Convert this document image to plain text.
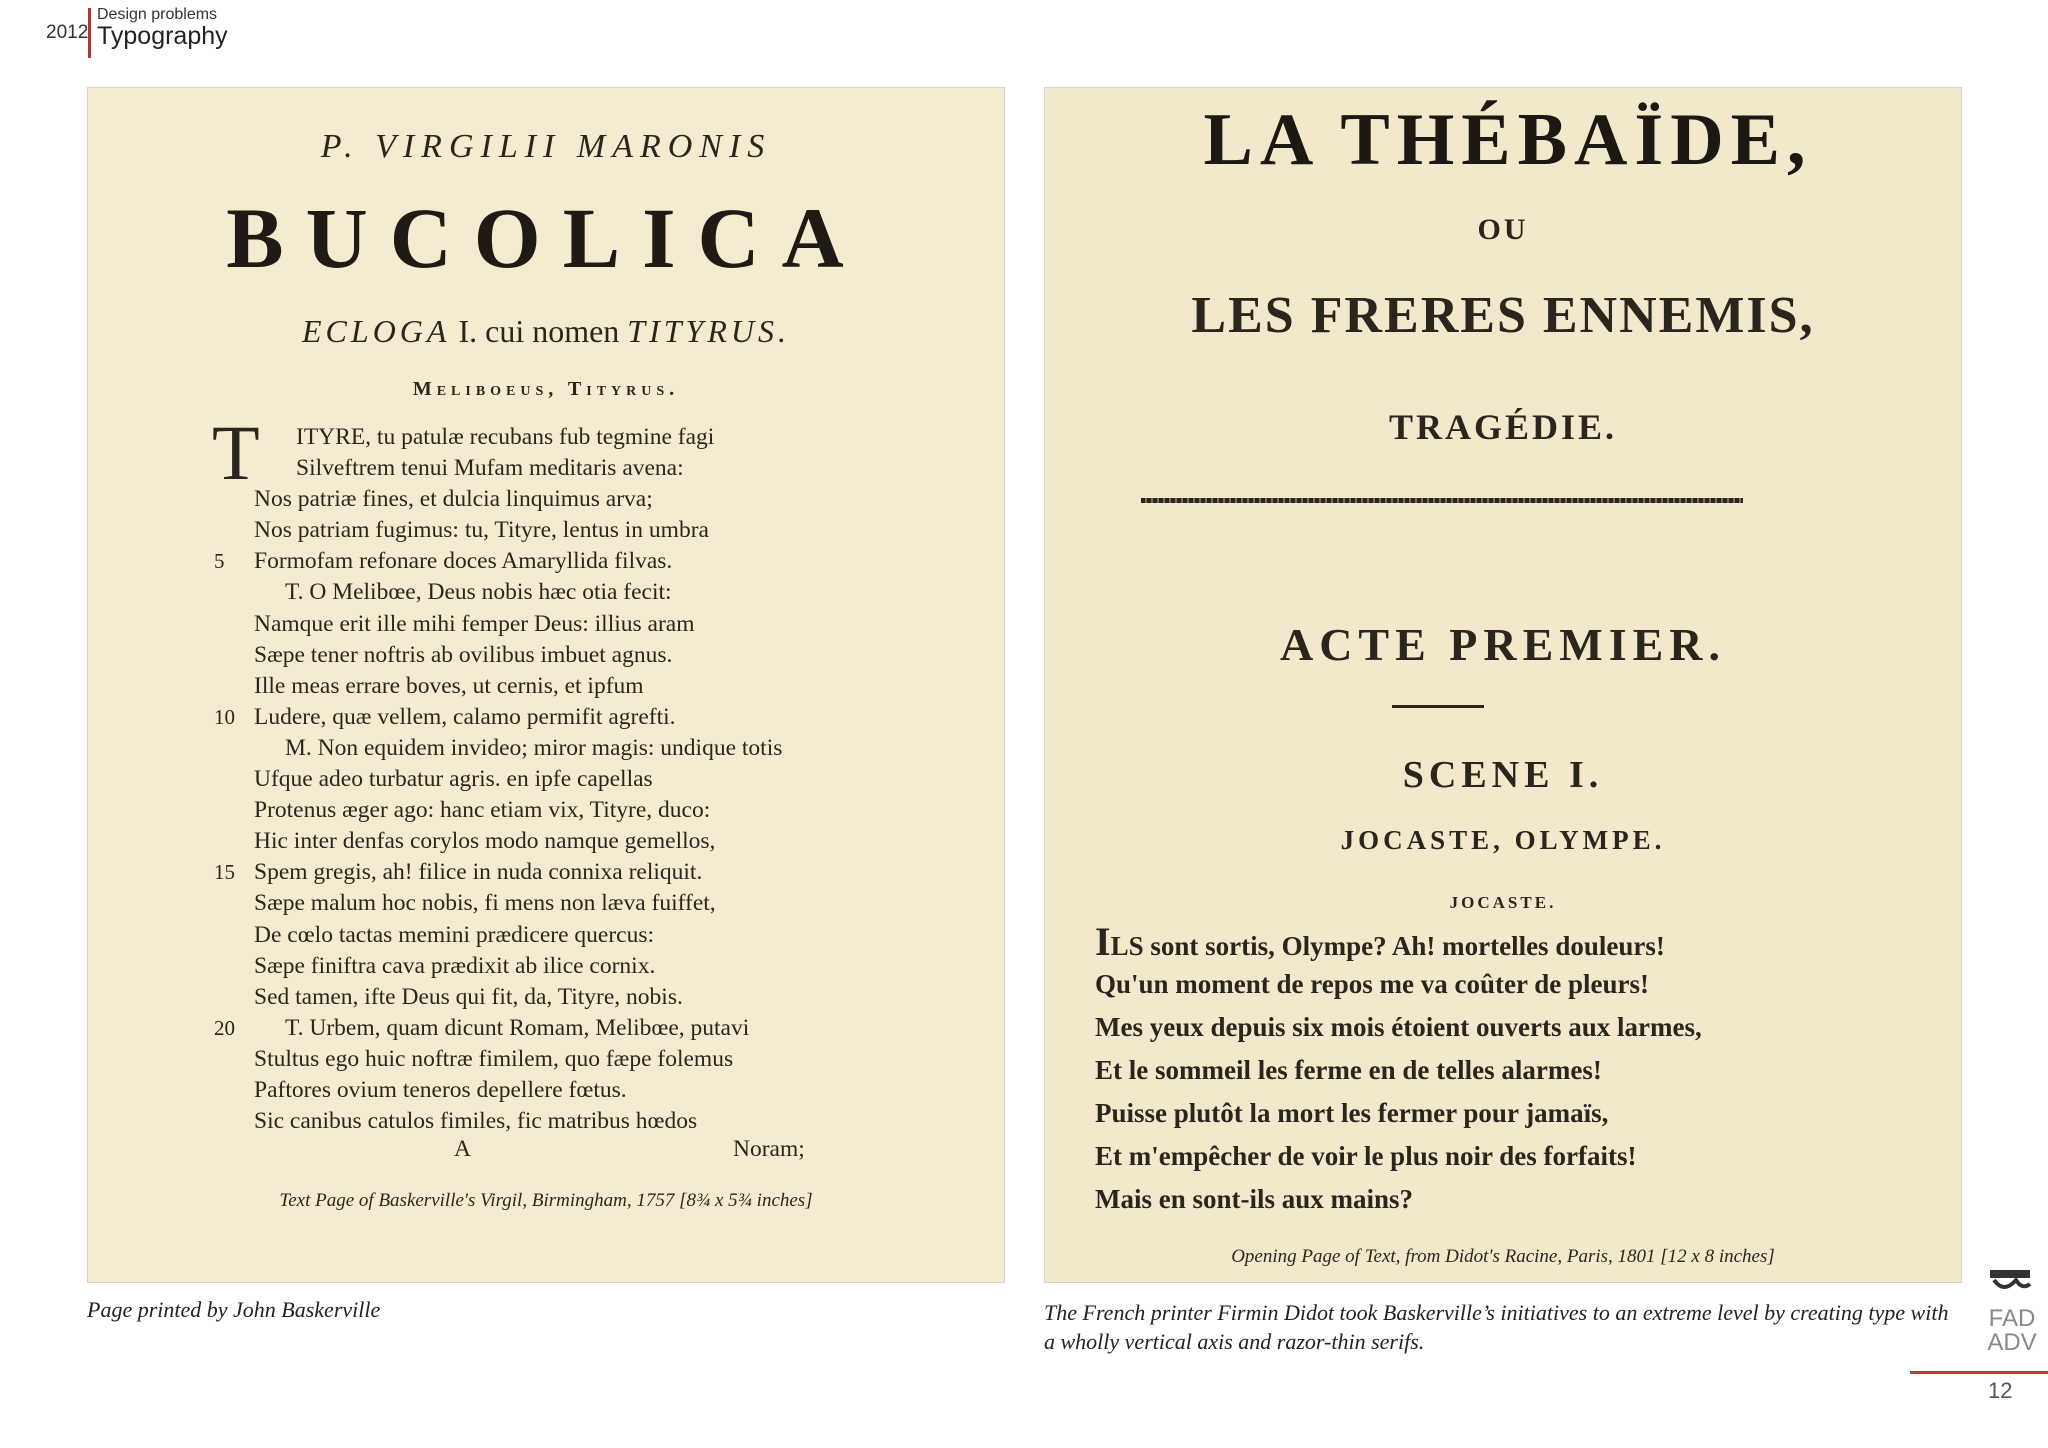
2012
Design problems
Typography
P. VIRGILII MARONIS
BUCOLICA
ECLOGA I. cui nomen TITYRUS.
Meliboeus, Tityrus.
T	ITYRE, tu patulæ recubans fub tegmine fagi
Silveftrem tenui Mufam meditaris avena:
Nos patriæ fines, et dulcia linquimus arva;
Nos patriam fugimus: tu, Tityre, lentus in umbra
5 Formofam refonare doces Amaryllida filvas.
T. O Melibœe, Deus nobis hæc otia fecit:
Namque erit ille mihi femper Deus: illius aram
Sæpe tener noftris ab ovilibus imbuet agnus.
Ille meas errare boves, ut cernis, et ipfum
10 Ludere, quæ vellem, calamo permifit agrefti.
M. Non equidem invideo; miror magis: undique totis
Ufque adeo turbatur agris. en ipfe capellas
Protenus æger ago: hanc etiam vix, Tityre, duco:
Hic inter denfas corylos modo namque gemellos,
15 Spem gregis, ah! filice in nuda connixa reliquit.
Sæpe malum hoc nobis, fi mens non læva fuiffet,
De cœlo tactas memini prædicere quercus:
Sæpe finiftra cava prædixit ab ilice cornix.
Sed tamen, ifte Deus qui fit, da, Tityre, nobis.
20 T. Urbem, quam dicunt Romam, Melibœe, putavi
Stultus ego huic noftræ fimilem, quo fæpe folemus
Paftores ovium teneros depellere fœtus.
Sic canibus catulos fimiles, fic matribus hœdos
A	Noram;
Text Page of Baskerville's Virgil, Birmingham, 1757 [8¾ x 5¾ inches]
LA THÉBAÏDE,
OU
LES FRERES ENNEMIS,
TRAGÉDIE.
ACTE PREMIER.
SCENE I.
JOCASTE, OLYMPE.
JOCASTE.
ILS sont sortis, Olympe? Ah! mortelles douleurs!
Qu'un moment de repos me va coûter de pleurs!
Mes yeux depuis six mois étoient ouverts aux larmes,
Et le sommeil les ferme en de telles alarmes!
Puisse plutôt la mort les fermer pour jamaïs,
Et m'empêcher de voir le plus noir des forfaits!
Mais en sont-ils aux mains?
Opening Page of Text, from Didot's Racine, Paris, 1801 [12 x 8 inches]
Page printed by John Baskerville	The French printer Firmin Didot took Baskerville’s initiatives to an extreme level by creating type with a wholly vertical axis and razor-thin serifs.
FAD
ADV
12
